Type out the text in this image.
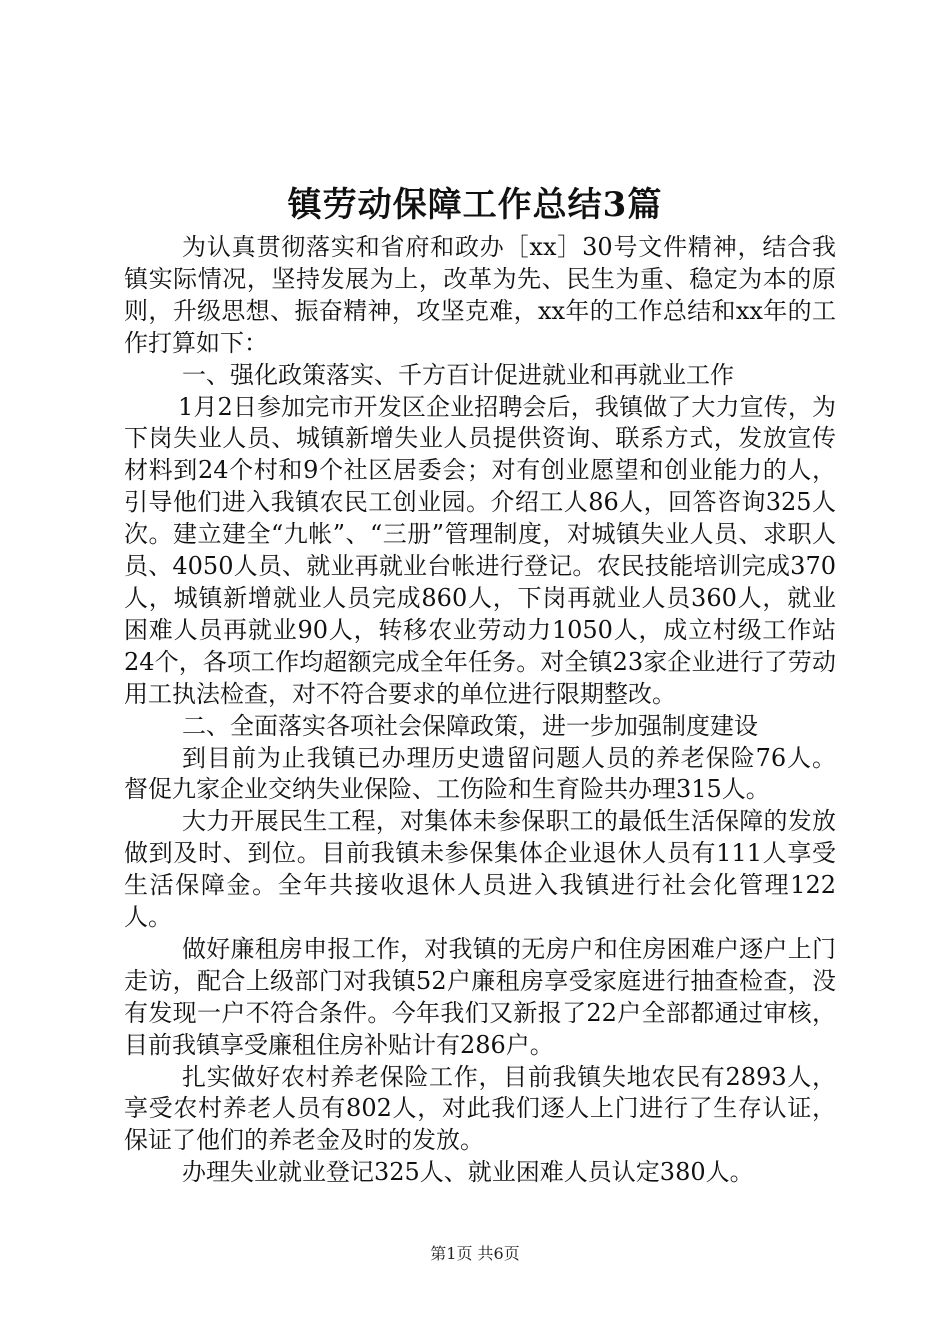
镇劳动保障工作总结3篇

为认真贯彻落实和省府和政办［xx］30号文件精神，结合我镇实际情况，坚持发展为上，改革为先、民生为重、稳定为本的原则，升级思想、振奋精神，攻坚克难，xx年的工作总结和xx年的工作打算如下：

一、强化政策落实、千方百计促进就业和再就业工作

1月2日参加完市开发区企业招聘会后，我镇做了大力宣传，为下岗失业人员、城镇新增失业人员提供资询、联系方式，发放宣传材料到24个村和9个社区居委会；对有创业愿望和创业能力的人，引导他们进入我镇农民工创业园。介绍工人86人，回答咨询325人次。建立建全“九帐”、“三册”管理制度，对城镇失业人员、求职人员、4050人员、就业再就业台帐进行登记。农民技能培训完成370人，城镇新增就业人员完成860人，下岗再就业人员360人，就业困难人员再就业90人，转移农业劳动力1050人，成立村级工作站24个，各项工作均超额完成全年任务。对全镇23家企业进行了劳动用工执法检查，对不符合要求的单位进行限期整改。

二、全面落实各项社会保障政策，进一步加强制度建设

到目前为止我镇已办理历史遗留问题人员的养老保险76人。督促九家企业交纳失业保险、工伤险和生育险共办理315人。

大力开展民生工程，对集体未参保职工的最低生活保障的发放做到及时、到位。目前我镇未参保集体企业退休人员有111人享受生活保障金。全年共接收退休人员进入我镇进行社会化管理122人。

做好廉租房申报工作，对我镇的无房户和住房困难户逐户上门走访，配合上级部门对我镇52户廉租房享受家庭进行抽查检查，没有发现一户不符合条件。今年我们又新报了22户全部都通过审核，目前我镇享受廉租住房补贴计有286户。

扎实做好农村养老保险工作，目前我镇失地农民有2893人，享受农村养老人员有802人，对此我们逐人上门进行了生存认证，保证了他们的养老金及时的发放。

办理失业就业登记325人、就业困难人员认定380人。

第1页 共6页
